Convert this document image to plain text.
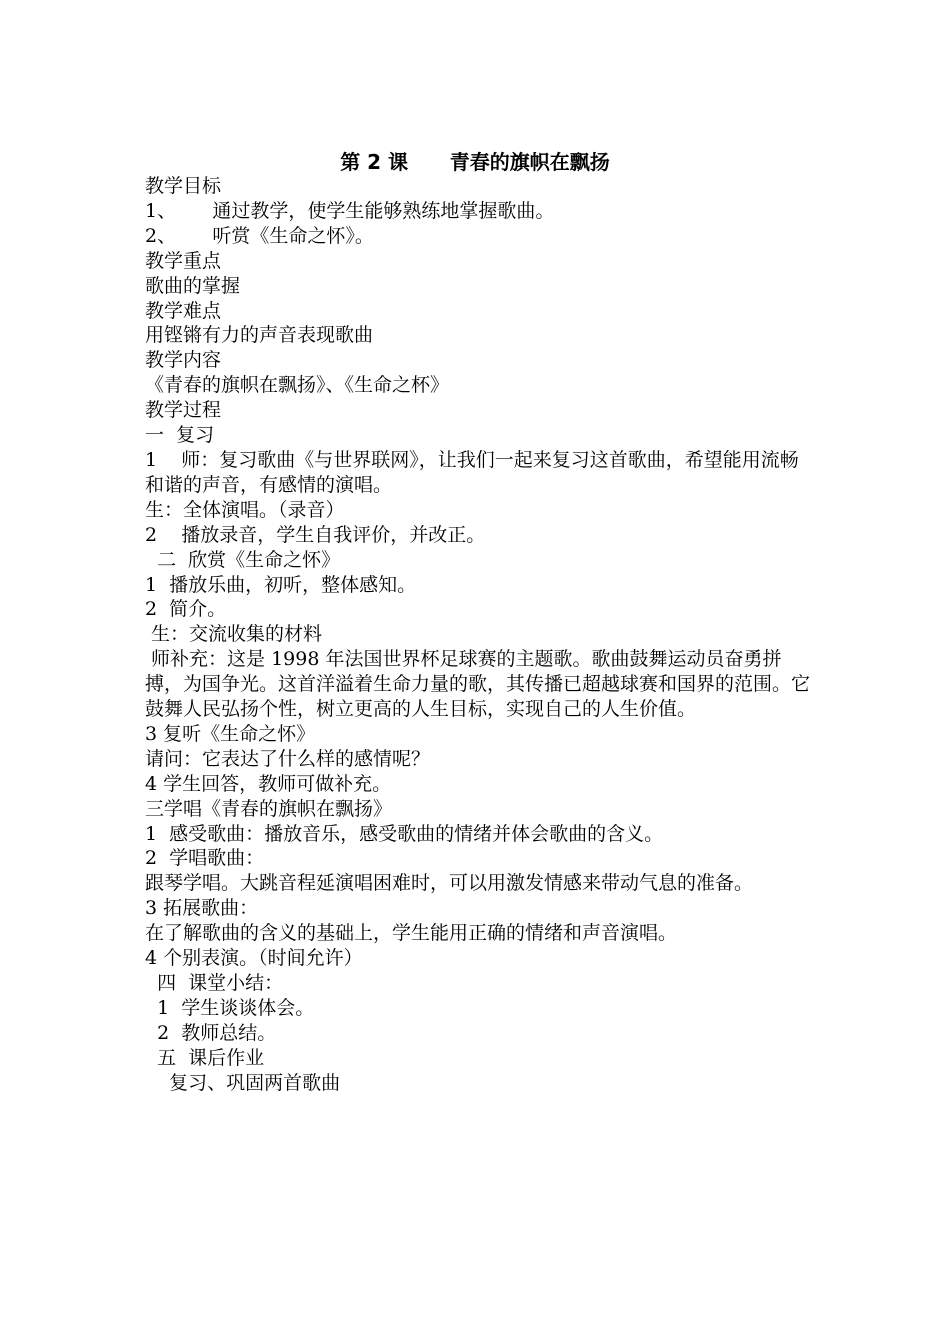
第 2 课      青春的旗帜在飘扬

教学目标

1、      通过教学，使学生能够熟练地掌握歌曲。

2、      听赏《生命之怀》。

教学重点

歌曲的掌握

教学难点

用铿锵有力的声音表现歌曲

教学内容

《青春的旗帜在飘扬》、《生命之杯》

教学过程

一  复习

1    师：复习歌曲《与世界联网》，让我们一起来复习这首歌曲，希望能用流畅和谐的声音，有感情的演唱。

生：全体演唱。（录音）

2    播放录音，学生自我评价，并改正。

二  欣赏《生命之怀》

1  播放乐曲，初听，整体感知。

2  简介。

生：交流收集的材料

师补充：这是 1998 年法国世界杯足球赛的主题歌。歌曲鼓舞运动员奋勇拼搏，为国争光。这首洋溢着生命力量的歌，其传播已超越球赛和国界的范围。它鼓舞人民弘扬个性，树立更高的人生目标，实现自己的人生价值。

3 复听《生命之怀》

请问：它表达了什么样的感情呢？

4 学生回答，教师可做补充。

三学唱《青春的旗帜在飘扬》

1  感受歌曲：播放音乐，感受歌曲的情绪并体会歌曲的含义。

2  学唱歌曲：

跟琴学唱。大跳音程延演唱困难时，可以用激发情感来带动气息的准备。

3 拓展歌曲：

在了解歌曲的含义的基础上，学生能用正确的情绪和声音演唱。

4 个别表演。（时间允许）

四  课堂小结：

1  学生谈谈体会。

2  教师总结。

五  课后作业

复习、巩固两首歌曲
